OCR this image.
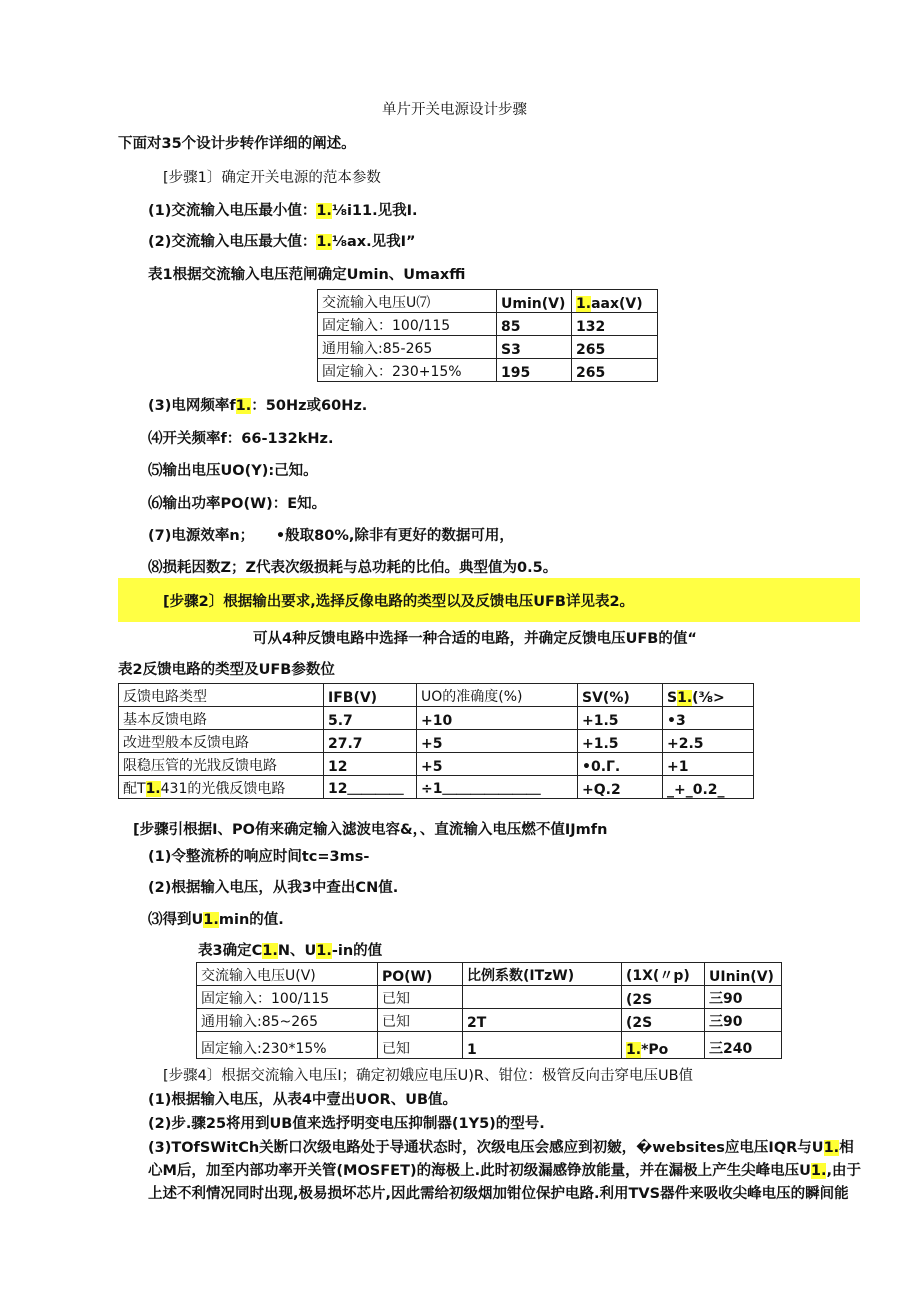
单片开关电源设计步骤
下面对35个设计步转作详细的阐述。
[步骤1〕确定开关电源的范本参数
(1)交流输入电压最小值：1.⅛i11.见我I.
(2)交流输入电压最大值：1.⅛ax.见我I”
表1根据交流输入电压范闸确定Umin、Umaxffi
交流输入电压U⑺	Umin(V)	1.aax(V)
固定输入：100/115	85	132
通用输入:85-265	S3	265
固定输入：230+15%	195	265
(3)电网频率f1.：50Hz或60Hz.
⑷开关频率f：66-132kHz.
⑸输出电压UO(Y):己知。
⑹输出功率PO(W)：E知。
(7)电源效率n；　　•般取80%,除非有更好的数据可用，
⑻损耗因数Z；Z代表次级损耗与总功耗的比伯。典型值为0.5。
[步骤2〕根据输出要求,选择反像电路的类型以及反馈电压UFB详见表2。
可从4种反馈电路中选择一种合适的电路，并确定反馈电压UFB的值“
表2反馈电路的类型及UFB参数位
反馈电路类型	IFB(V)	UO的准确度(%)	SV(%)	S1.(⅜>
基本反馈电路	5.7	+10	+1.5	•3
改进型般本反馈电路	27.7	+5	+1.5	+2.5
限稳压管的光戕反馈电路	12	+5	•0.Γ.	+1
配T1.431的光俄反馈电路	12＿＿＿＿	÷1＿＿＿＿＿＿＿	+Q.2	_+_0.2_
[步骤引根据I、PO侑来确定输入滤波电容&，、直流输入电压燃不值IJmfn
(1)令整流桥的响应时间tc=3ms-
(2)根据输入电压，从我3中查出CN值.
⑶得到U1.min的值.
表3确定C1.N、U1.-in的值
交流输入电压U(V)	PO(W)	比例系数(ITzW)	(1X(〃p)	UInin(V)
固定输入：100/115	已知		(2S	三90
通用输入:85~265	已知	2T	(2S	三90
固定输入:230*15%	已知	1	1.*Po	三240
[步骤4〕根据交流输入电压I；确定初娥应电压U)R、钳位：极管反向击穿电压UB值
(1)根据输入电压，从表4中壹出UOR、UB值。
(2)步.骤25将用到UB值来选抒明变电压抑制器(1Y5)的型号.
(3)TOfSWitCh关断口次级电路处于导通状态时，次级电压会感应到初皴，�websites应电压IQR与U1.相心M后，加至内部功率开关管(MOSFET)的海极上.此时初级漏感铮放能量，并在漏极上产生尖峰电压U1.,由于上述不利情况同时出现,极易损坏芯片,因此需给初级烟加钳位保护电路.利用TVS器件来吸收尖峰电压的瞬间能
